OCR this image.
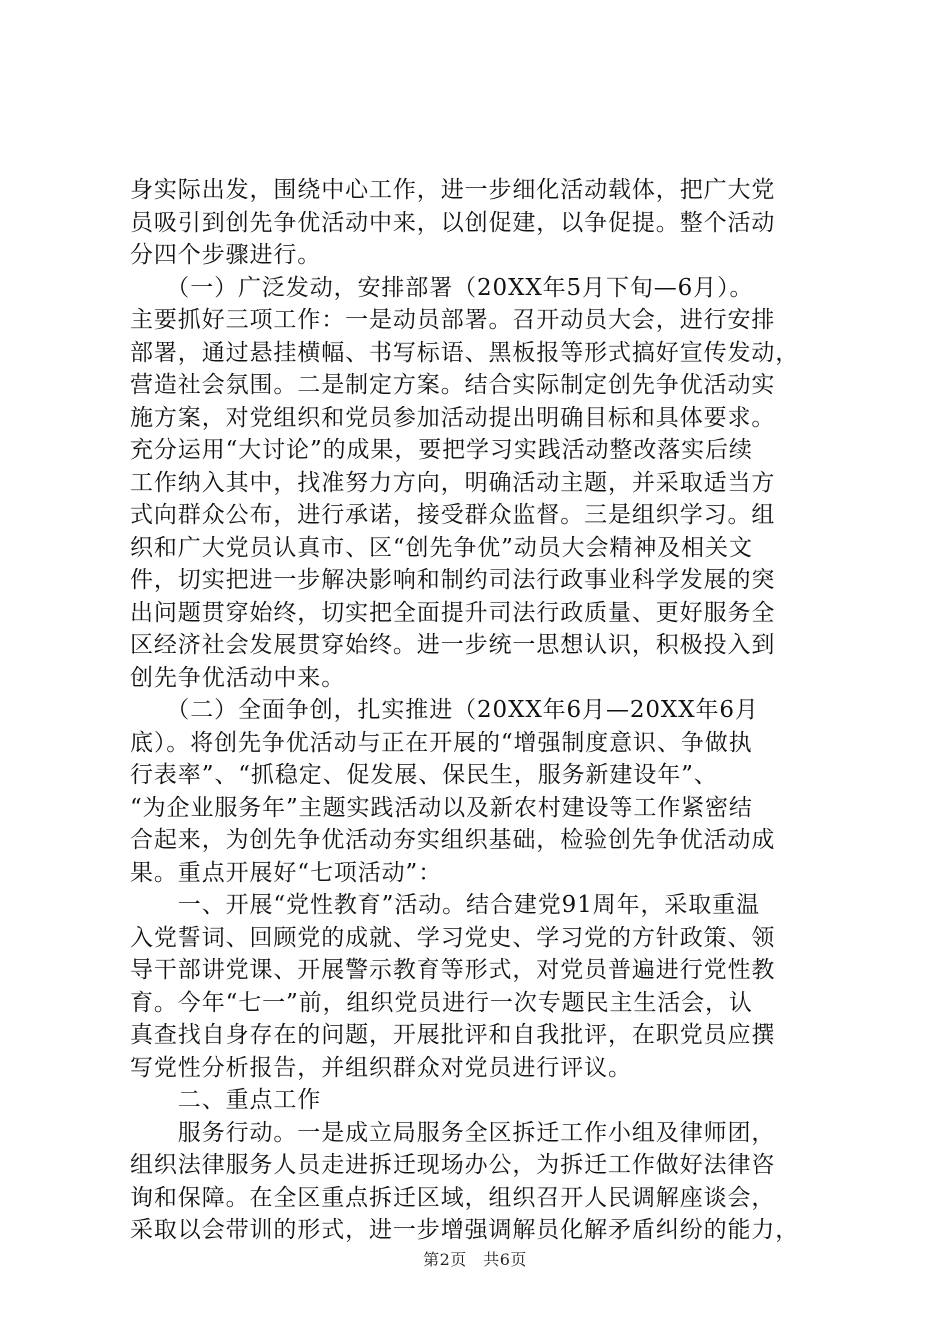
身实际出发，围绕中心工作，进一步细化活动载体，把广大党
员吸引到创先争优活动中来，以创促建，以争促提。整个活动
分四个步骤进行。
　　（一）广泛发动，安排部署（20XX年5月下旬—6月）。
主要抓好三项工作：一是动员部署。召开动员大会，进行安排
部署，通过悬挂横幅、书写标语、黑板报等形式搞好宣传发动，
营造社会氛围。二是制定方案。结合实际制定创先争优活动实
施方案，对党组织和党员参加活动提出明确目标和具体要求。
充分运用“大讨论”的成果，要把学习实践活动整改落实后续
工作纳入其中，找准努力方向，明确活动主题，并采取适当方
式向群众公布，进行承诺，接受群众监督。三是组织学习。组
织和广大党员认真市、区“创先争优”动员大会精神及相关文
件，切实把进一步解决影响和制约司法行政事业科学发展的突
出问题贯穿始终，切实把全面提升司法行政质量、更好服务全
区经济社会发展贯穿始终。进一步统一思想认识，积极投入到
创先争优活动中来。
　　（二）全面争创，扎实推进（20XX年6月—20XX年6月
底）。将创先争优活动与正在开展的“增强制度意识、争做执
行表率”、“抓稳定、促发展、保民生，服务新建设年”、
“为企业服务年”主题实践活动以及新农村建设等工作紧密结
合起来，为创先争优活动夯实组织基础，检验创先争优活动成
果。重点开展好“七项活动”：
　　一、开展“党性教育”活动。结合建党91周年，采取重温
入党誓词、回顾党的成就、学习党史、学习党的方针政策、领
导干部讲党课、开展警示教育等形式，对党员普遍进行党性教
育。今年“七一”前，组织党员进行一次专题民主生活会，认
真查找自身存在的问题，开展批评和自我批评，在职党员应撰
写党性分析报告，并组织群众对党员进行评议。
　　二、重点工作
　　服务行动。一是成立局服务全区拆迁工作小组及律师团，
组织法律服务人员走进拆迁现场办公，为拆迁工作做好法律咨
询和保障。在全区重点拆迁区域，组织召开人民调解座谈会，
采取以会带训的形式，进一步增强调解员化解矛盾纠纷的能力，
第2页　共6页
